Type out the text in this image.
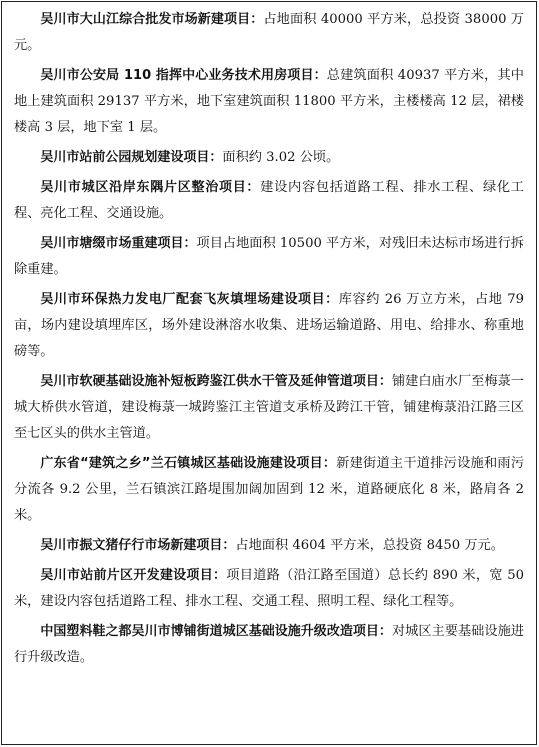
吴川市大山江综合批发市场新建项目：占地面积 40000 平方米，总投资 38000 万元。

吴川市公安局 110 指挥中心业务技术用房项目：总建筑面积 40937 平方米，其中地上建筑面积 29137 平方米，地下室建筑面积 11800 平方米，主楼楼高 12 层，裙楼楼高 3 层，地下室 1 层。

吴川市站前公园规划建设项目：面积约 3.02 公顷。

吴川市城区沿岸东隅片区整治项目：建设内容包括道路工程、排水工程、绿化工程、亮化工程、交通设施。

吴川市塘缀市场重建项目：项目占地面积 10500 平方米，对残旧未达标市场进行拆除重建。

吴川市环保热力发电厂配套飞灰填埋场建设项目：库容约 26 万立方米，占地 79 亩，场内建设填埋库区，场外建设淋溶水收集、进场运输道路、用电、给排水、称重地磅等。

吴川市软硬基础设施补短板跨鉴江供水干管及延伸管道项目：铺建白庙水厂至梅菉一城大桥供水管道，建设梅菉一城跨鉴江主管道支承桥及跨江干管，铺建梅菉沿江路三区至七区头的供水主管道。

广东省“建筑之乡”兰石镇城区基础设施建设项目：新建街道主干道排污设施和雨污分流各 9.2 公里，兰石镇滨江路堤围加阔加固到 12 米，道路硬底化 8 米，路肩各 2 米。

吴川市振文猪仔行市场新建项目：占地面积 4604 平方米，总投资 8450 万元。

吴川市站前片区开发建设项目：项目道路（沿江路至国道）总长约 890 米，宽 50 米，建设内容包括道路工程、排水工程、交通工程、照明工程、绿化工程等。

中国塑料鞋之都吴川市博铺街道城区基础设施升级改造项目：对城区主要基础设施进行升级改造。
